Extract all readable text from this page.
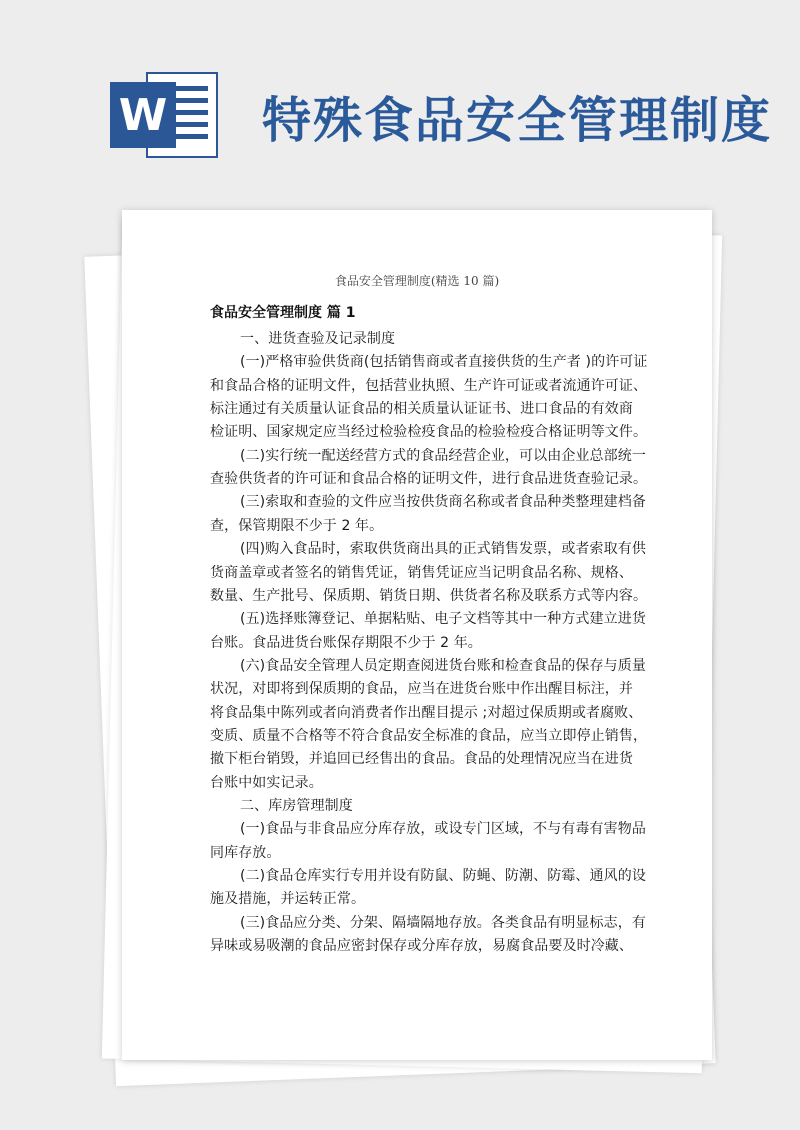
W 特殊食品安全管理制度
食品安全管理制度(精选 10 篇)
食品安全管理制度 篇 1
一、进货查验及记录制度
(一)严格审验供货商(包括销售商或者直接供货的生产者 )的许可证
和食品合格的证明文件，包括营业执照、生产许可证或者流通许可证、
标注通过有关质量认证食品的相关质量认证证书、进口食品的有效商
检证明、国家规定应当经过检验检疫食品的检验检疫合格证明等文件。
(二)实行统一配送经营方式的食品经营企业，可以由企业总部统一
查验供货者的许可证和食品合格的证明文件，进行食品进货查验记录。
(三)索取和查验的文件应当按供货商名称或者食品种类整理建档备
查，保管期限不少于 2 年。
(四)购入食品时，索取供货商出具的正式销售发票，或者索取有供
货商盖章或者签名的销售凭证，销售凭证应当记明食品名称、规格、
数量、生产批号、保质期、销货日期、供货者名称及联系方式等内容。
(五)选择账簿登记、单据粘贴、电子文档等其中一种方式建立进货
台账。食品进货台账保存期限不少于 2 年。
(六)食品安全管理人员定期查阅进货台账和检查食品的保存与质量
状况，对即将到保质期的食品，应当在进货台账中作出醒目标注，并
将食品集中陈列或者向消费者作出醒目提示 ;对超过保质期或者腐败、
变质、质量不合格等不符合食品安全标准的食品，应当立即停止销售，
撤下柜台销毁，并追回已经售出的食品。食品的处理情况应当在进货
台账中如实记录。
二、库房管理制度
(一)食品与非食品应分库存放，或设专门区域，不与有毒有害物品
同库存放。
(二)食品仓库实行专用并设有防鼠、防蝇、防潮、防霉、通风的设
施及措施，并运转正常。
(三)食品应分类、分架、隔墙隔地存放。各类食品有明显标志，有
异味或易吸潮的食品应密封保存或分库存放，易腐食品要及时冷藏、
